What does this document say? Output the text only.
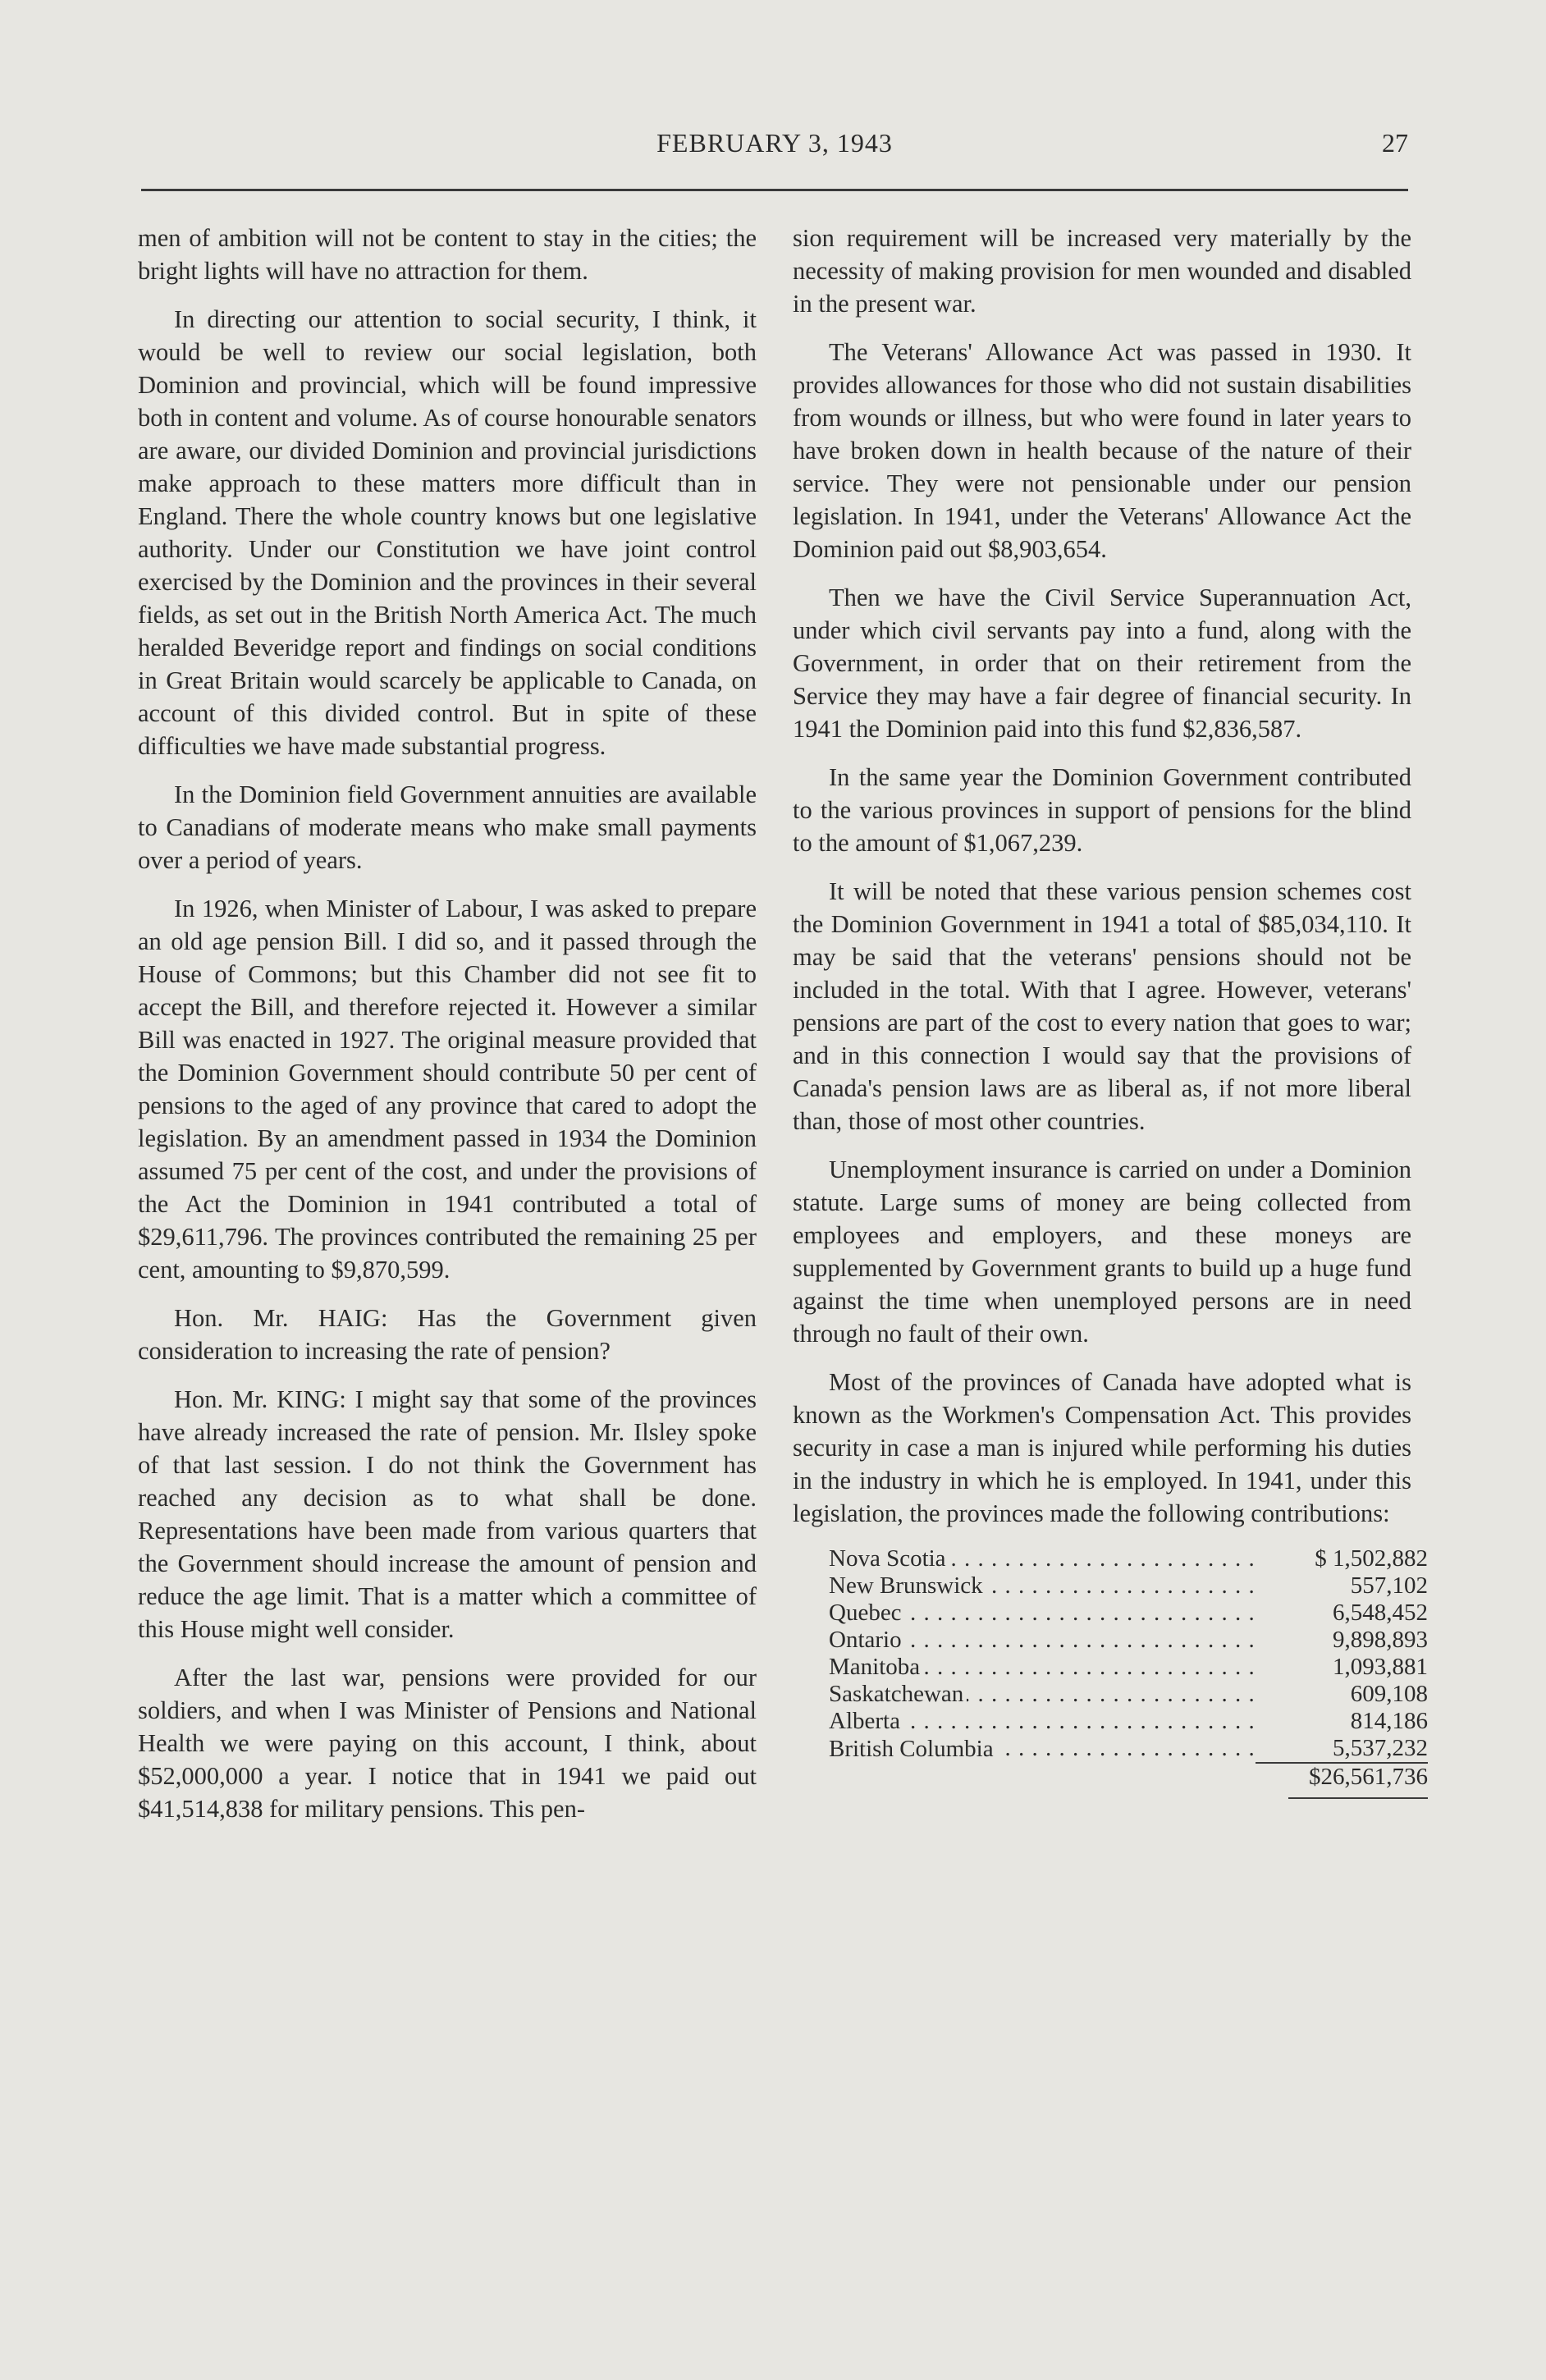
FEBRUARY 3, 1943	27

men of ambition will not be content to stay in the cities; the bright lights will have no attraction for them.

In directing our attention to social security, I think, it would be well to review our social legislation, both Dominion and provincial, which will be found impressive both in content and volume. As of course honourable senators are aware, our divided Dominion and provincial jurisdictions make approach to these matters more difficult than in England. There the whole country knows but one legislative authority. Under our Constitution we have joint control exercised by the Dominion and the provinces in their several fields, as set out in the British North America Act. The much heralded Beveridge report and findings on social conditions in Great Britain would scarcely be applicable to Canada, on account of this divided control. But in spite of these difficulties we have made substantial progress.

In the Dominion field Government annuities are available to Canadians of moderate means who make small payments over a period of years.

In 1926, when Minister of Labour, I was asked to prepare an old age pension Bill. I did so, and it passed through the House of Commons; but this Chamber did not see fit to accept the Bill, and therefore rejected it. However a similar Bill was enacted in 1927. The original measure provided that the Dominion Government should contribute 50 per cent of pensions to the aged of any province that cared to adopt the legislation. By an amendment passed in 1934 the Dominion assumed 75 per cent of the cost, and under the provisions of the Act the Dominion in 1941 contributed a total of $29,611,796. The provinces contributed the remaining 25 per cent, amounting to $9,870,599.

Hon. Mr. HAIG: Has the Government given consideration to increasing the rate of pension?

Hon. Mr. KING: I might say that some of the provinces have already increased the rate of pension. Mr. Ilsley spoke of that last session. I do not think the Government has reached any decision as to what shall be done. Representations have been made from various quarters that the Government should increase the amount of pension and reduce the age limit. That is a matter which a committee of this House might well consider.

After the last war, pensions were provided for our soldiers, and when I was Minister of Pensions and National Health we were paying on this account, I think, about $52,000,000 a year. I notice that in 1941 we paid out $41,514,838 for military pensions. This pen-

sion requirement will be increased very materially by the necessity of making provision for men wounded and disabled in the present war.

The Veterans' Allowance Act was passed in 1930. It provides allowances for those who did not sustain disabilities from wounds or illness, but who were found in later years to have broken down in health because of the nature of their service. They were not pensionable under our pension legislation. In 1941, under the Veterans' Allowance Act the Dominion paid out $8,903,654.

Then we have the Civil Service Superannuation Act, under which civil servants pay into a fund, along with the Government, in order that on their retirement from the Service they may have a fair degree of financial security. In 1941 the Dominion paid into this fund $2,836,587.

In the same year the Dominion Government contributed to the various provinces in support of pensions for the blind to the amount of $1,067,239.

It will be noted that these various pension schemes cost the Dominion Government in 1941 a total of $85,034,110. It may be said that the veterans' pensions should not be included in the total. With that I agree. However, veterans' pensions are part of the cost to every nation that goes to war; and in this connection I would say that the provisions of Canada's pension laws are as liberal as, if not more liberal than, those of most other countries.

Unemployment insurance is carried on under a Dominion statute. Large sums of money are being collected from employees and employers, and these moneys are supplemented by Government grants to build up a huge fund against the time when unemployed persons are in need through no fault of their own.

Most of the provinces of Canada have adopted what is known as the Workmen's Compensation Act. This provides security in case a man is injured while performing his duties in the industry in which he is employed. In 1941, under this legislation, the provinces made the following contributions:

Nova Scotia . . .	$ 1,502,882
New Brunswick . . .	557,102
Quebec . . .	6,548,452
Ontario . . .	9,898,893
Manitoba . . .	1,093,881
Saskatchewan . . .	609,108
Alberta . . .	814,186
British Columbia . . .	5,537,232
	$26,561,736
